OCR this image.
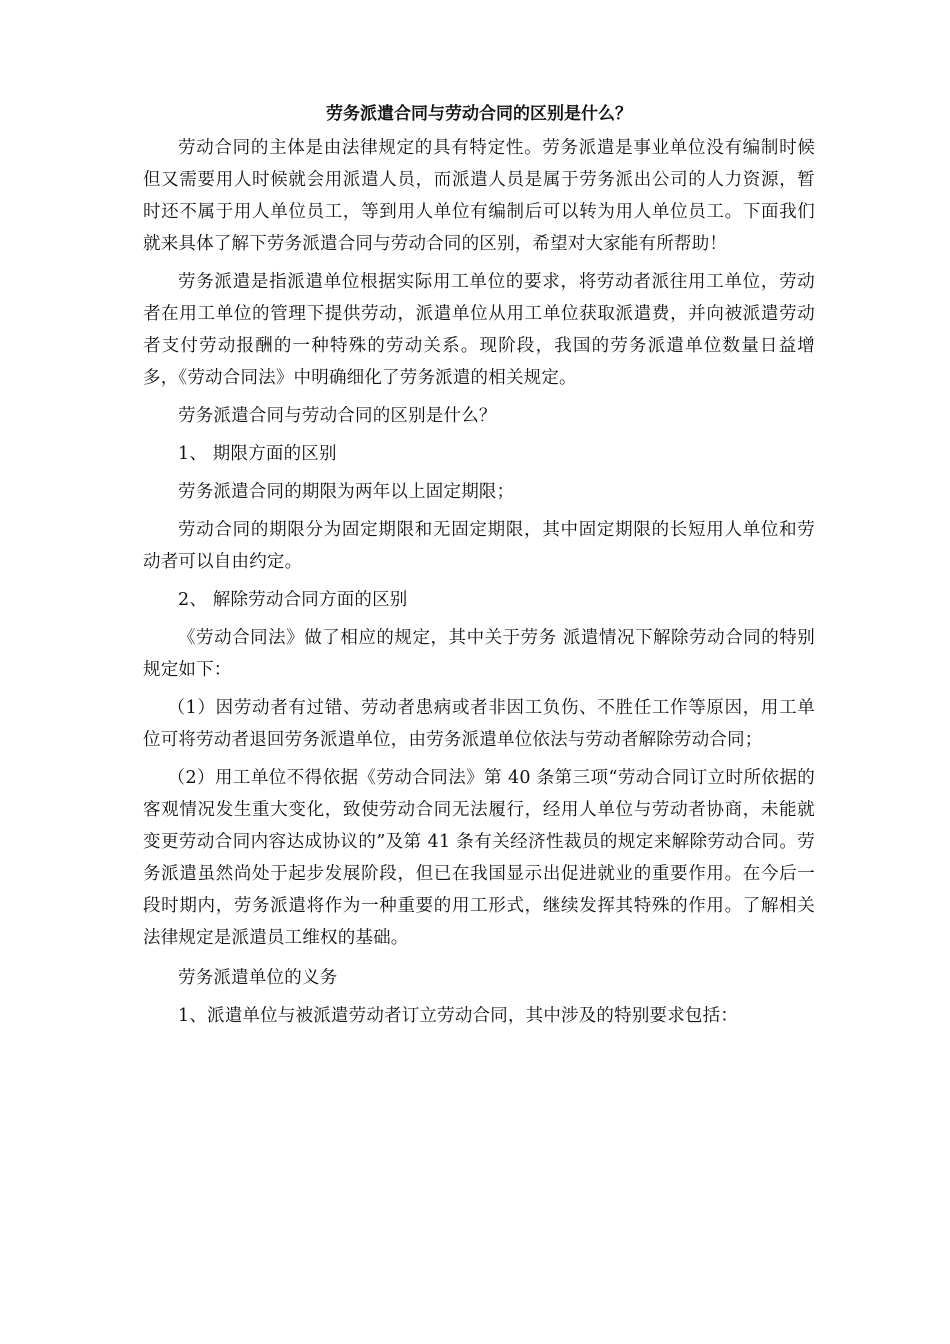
劳务派遣合同与劳动合同的区别是什么？

劳动合同的主体是由法律规定的具有特定性。劳务派遣是事业单位没有编制时候但又需要用人时候就会用派遣人员，而派遣人员是属于劳务派出公司的人力资源，暂时还不属于用人单位员工，等到用人单位有编制后可以转为用人单位员工。下面我们就来具体了解下劳务派遣合同与劳动合同的区别，希望对大家能有所帮助！

劳务派遣是指派遣单位根据实际用工单位的要求，将劳动者派往用工单位，劳动者在用工单位的管理下提供劳动，派遣单位从用工单位获取派遣费，并向被派遣劳动者支付劳动报酬的一种特殊的劳动关系。现阶段，我国的劳务派遣单位数量日益增多，《劳动合同法》中明确细化了劳务派遣的相关规定。

劳务派遣合同与劳动合同的区别是什么？

1、 期限方面的区别

劳务派遣合同的期限为两年以上固定期限；

劳动合同的期限分为固定期限和无固定期限，其中固定期限的长短用人单位和劳动者可以自由约定。

2、 解除劳动合同方面的区别

《劳动合同法》做了相应的规定，其中关于劳务 派遣情况下解除劳动合同的特别规定如下：

（1）因劳动者有过错、劳动者患病或者非因工负伤、不胜任工作等原因，用工单位可将劳动者退回劳务派遣单位，由劳务派遣单位依法与劳动者解除劳动合同；

（2）用工单位不得依据《劳动合同法》第 40 条第三项“劳动合同订立时所依据的客观情况发生重大变化，致使劳动合同无法履行，经用人单位与劳动者协商，未能就变更劳动合同内容达成协议的”及第 41 条有关经济性裁员的规定来解除劳动合同。劳务派遣虽然尚处于起步发展阶段，但已在我国显示出促进就业的重要作用。在今后一段时期内，劳务派遣将作为一种重要的用工形式，继续发挥其特殊的作用。了解相关法律规定是派遣员工维权的基础。

劳务派遣单位的义务

1、派遣单位与被派遣劳动者订立劳动合同，其中涉及的特别要求包括：
